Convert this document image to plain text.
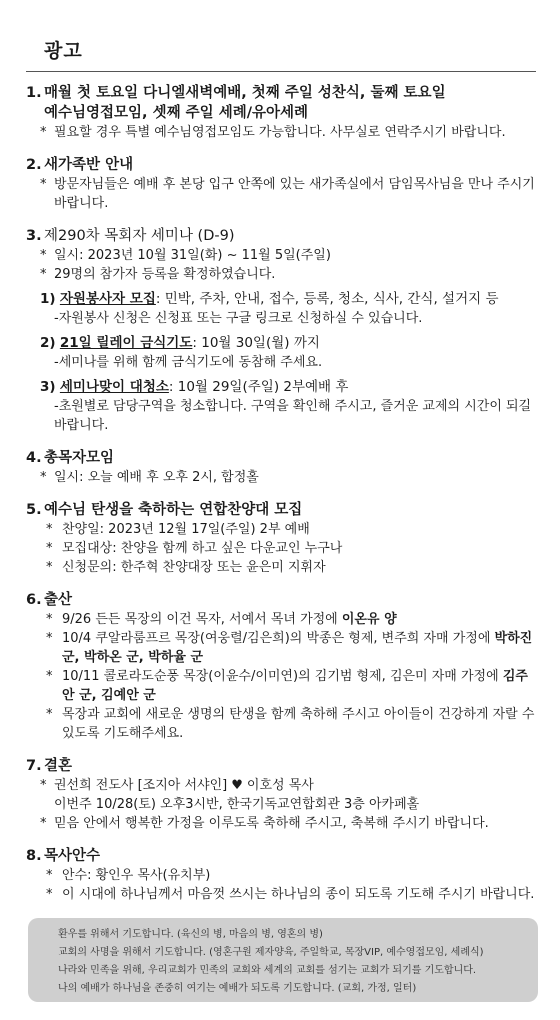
광고
1. 매월 첫 토요일 다니엘새벽예배, 첫째 주일 성찬식, 둘째 토요일
예수님영접모임, 셋째 주일 세례/유아세례
* 필요할 경우 특별 예수님영접모임도 가능합니다. 사무실로 연락주시기 바랍니다.
2. 새가족반 안내
* 방문자님들은 예배 후 본당 입구 안쪽에 있는 새가족실에서 담임목사님을 만나 주시기 바랍니다.
3. 제290차 목회자 세미나 (D-9)
* 일시: 2023년 10월 31일(화) ~ 11월 5일(주일)
* 29명의 참가자 등록을 확정하였습니다.
1) 자원봉사자 모집: 민박, 주차, 안내, 접수, 등록, 청소, 식사, 간식, 설거지 등
-자원봉사 신청은 신청표 또는 구글 링크로 신청하실 수 있습니다.
2) 21일 릴레이 금식기도: 10월 30일(월) 까지
-세미나를 위해 함께 금식기도에 동참해 주세요.
3) 세미나맞이 대청소: 10월 29일(주일) 2부예배 후
-초원별로 담당구역을 청소합니다. 구역을 확인해 주시고, 즐거운 교제의 시간이 되길 바랍니다.
4. 총목자모임
* 일시: 오늘 예배 후 오후 2시, 합정홀
5. 예수님 탄생을 축하하는 연합찬양대 모집
* 찬양일: 2023년 12월 17일(주일) 2부 예배
* 모집대상: 찬양을 함께 하고 싶은 다운교인 누구나
* 신청문의: 한주혁 찬양대장 또는 윤은미 지휘자
6. 출산
* 9/26 든든 목장의 이건 목자, 서예서 목녀 가정에 이온유 양
* 10/4 쿠알라룸프르 목장(여웅렬/김은희)의 박종은 형제, 변주희 자매 가정에 박하진 군, 박하온 군, 박하율 군
* 10/11 콜로라도순풍 목장(이윤수/이미연)의 김기범 형제, 김은미 자매 가정에 김주안 군, 김예안 군
* 목장과 교회에 새로운 생명의 탄생을 함께 축하해 주시고 아이들이 건강하게 자랄 수 있도록 기도해주세요.
7. 결혼
* 권선희 전도사 [조지아 서샤인] ♥ 이호성 목사
이번주 10/28(토) 오후3시반, 한국기독교연합회관 3층 아카페홀
* 믿음 안에서 행복한 가정을 이루도록 축하해 주시고, 축복해 주시기 바랍니다.
8. 목사안수
* 안수: 황인우 목사(유치부)
* 이 시대에 하나님께서 마음껏 쓰시는 하나님의 종이 되도록 기도해 주시기 바랍니다.
환우를 위해서 기도합니다. (육신의 병, 마음의 병, 영혼의 병)
교회의 사명을 위해서 기도합니다. (영혼구원 제자양육, 주일학교, 목장VIP, 예수영접모임, 세례식)
나라와 민족을 위해, 우리교회가 민족의 교회와 세계의 교회를 섬기는 교회가 되기를 기도합니다.
나의 예배가 하나님을 존중히 여기는 예배가 되도록 기도합니다. (교회, 가정, 일터)
